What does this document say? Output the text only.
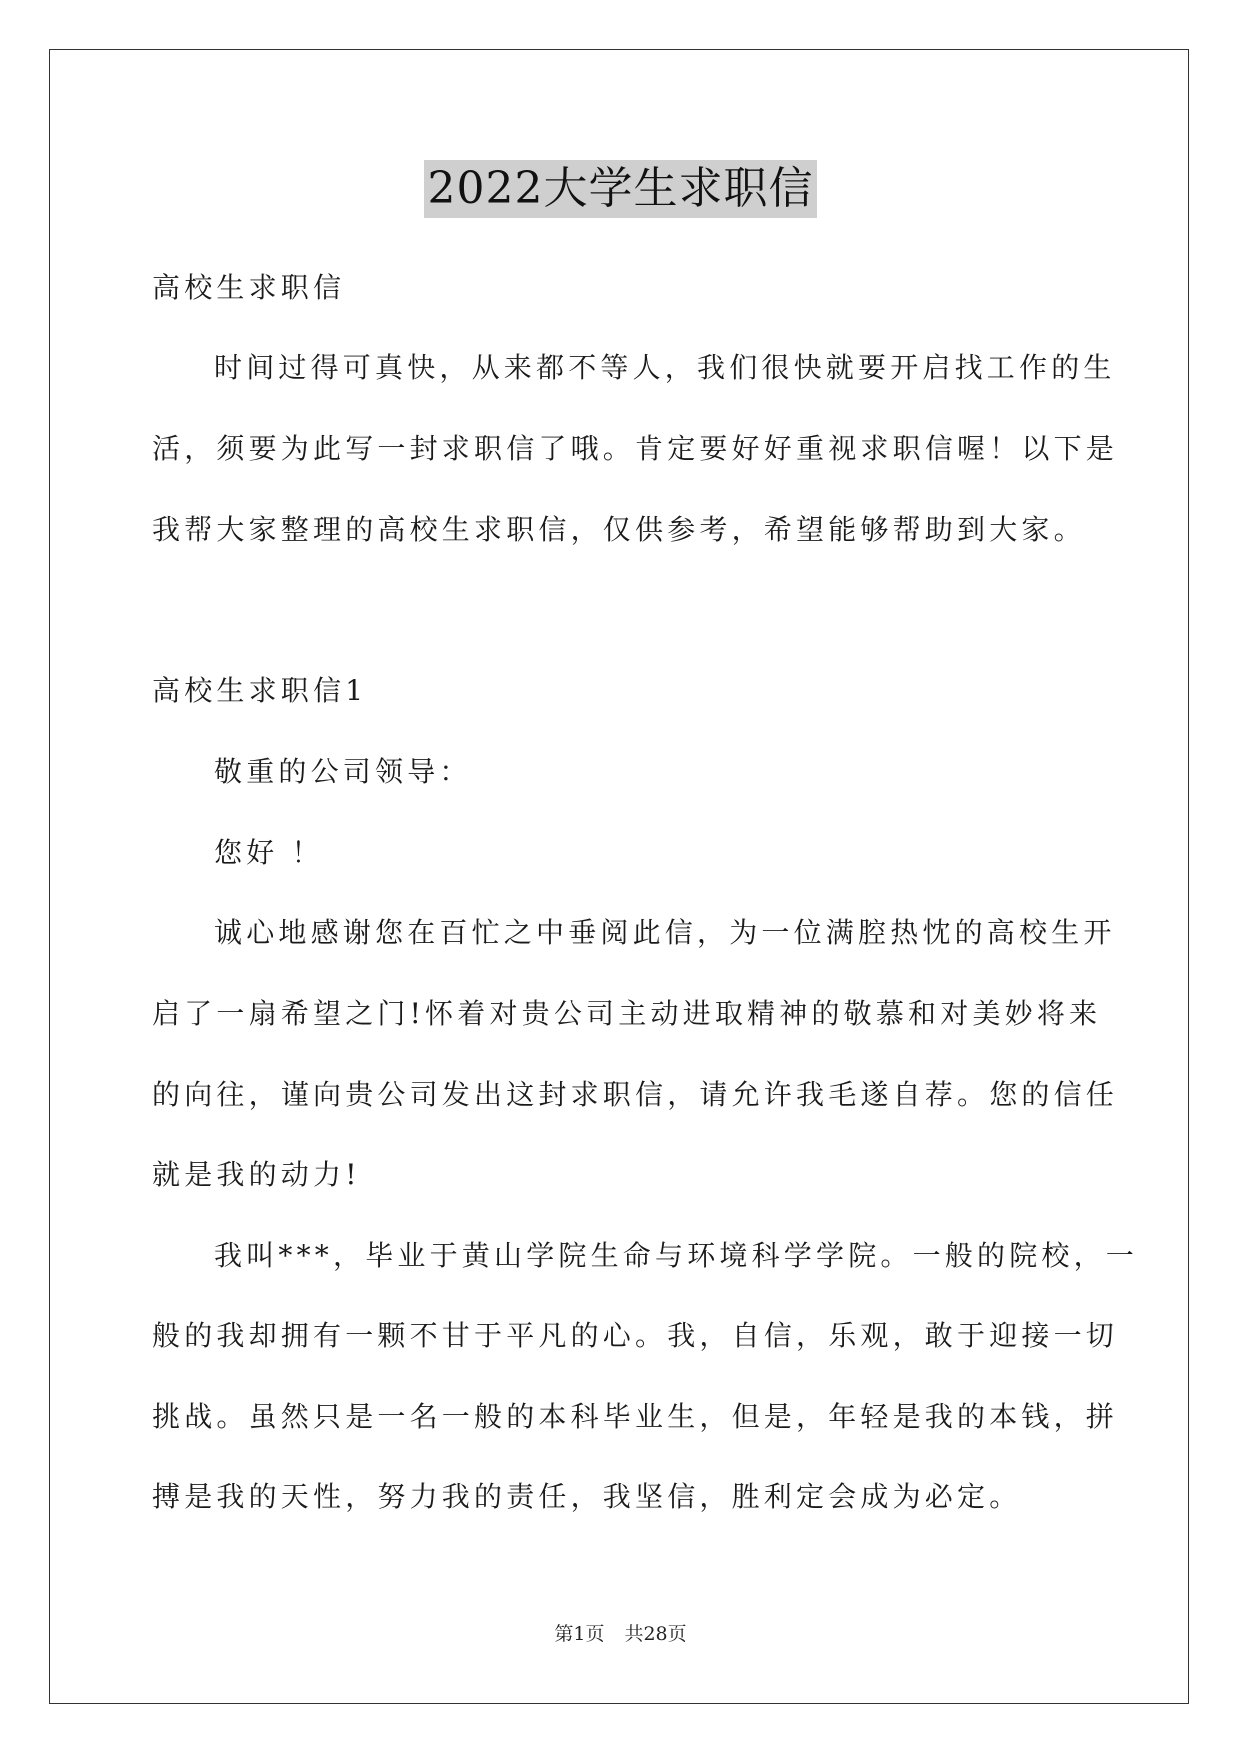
2022大学生求职信
高校生求职信
时间过得可真快，从来都不等人，我们很快就要开启找工作的生
活，须要为此写一封求职信了哦。肯定要好好重视求职信喔！以下是
我帮大家整理的高校生求职信，仅供参考，希望能够帮助到大家。
高校生求职信1
敬重的公司领导：
您好 ！
诚心地感谢您在百忙之中垂阅此信，为一位满腔热忱的高校生开
启了一扇希望之门!怀着对贵公司主动进取精神的敬慕和对美妙将来
的向往，谨向贵公司发出这封求职信，请允许我毛遂自荐。您的信任
就是我的动力!
我叫***，毕业于黄山学院生命与环境科学学院。一般的院校，一
般的我却拥有一颗不甘于平凡的心。我，自信，乐观，敢于迎接一切
挑战。虽然只是一名一般的本科毕业生，但是，年轻是我的本钱，拼
搏是我的天性，努力我的责任，我坚信，胜利定会成为必定。
第1页 共28页
